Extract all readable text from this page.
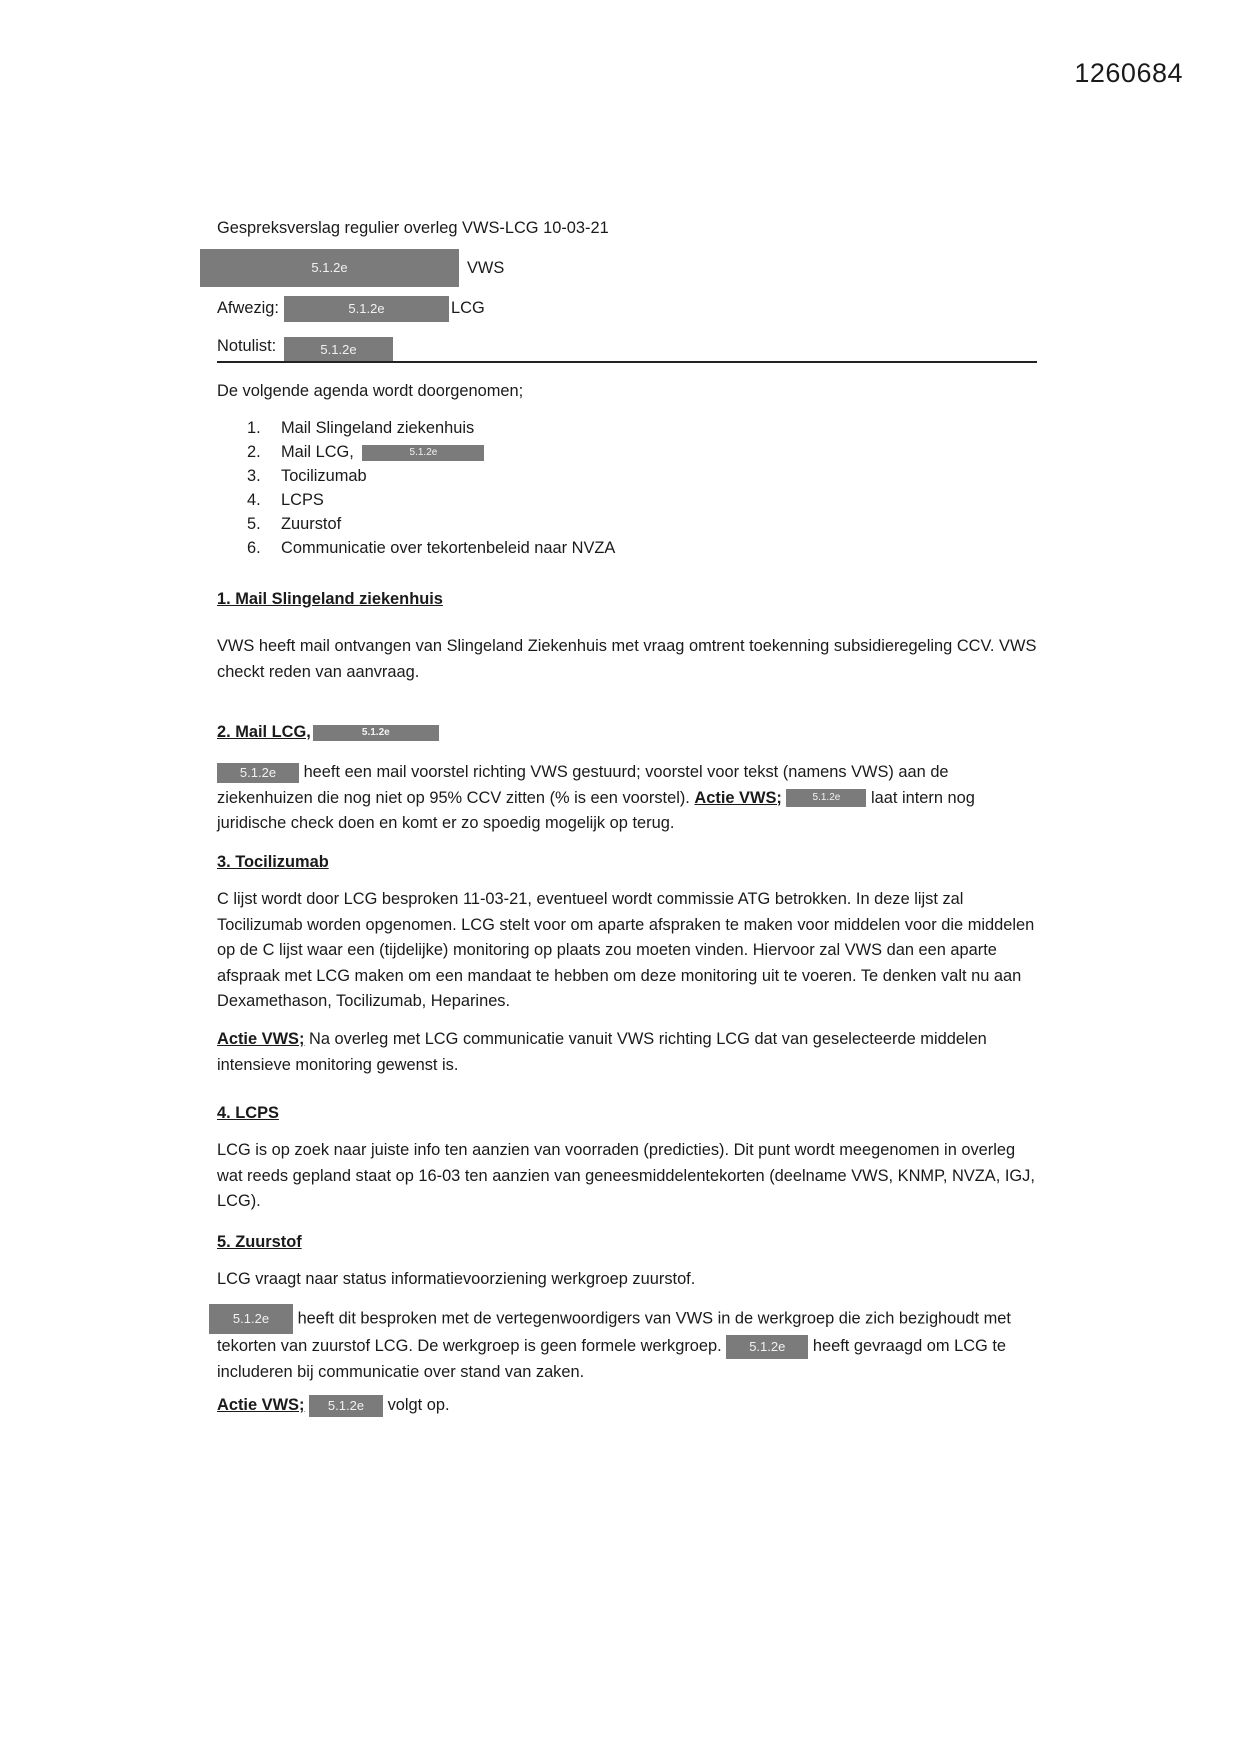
1260684
Gespreksverslag regulier overleg VWS-LCG 10-03-21
5.1.2e	VWS
Afwezig:	5.1.2e	LCG
Notulist:	5.1.2e
De volgende agenda wordt doorgenomen;
1. Mail Slingeland ziekenhuis
2. Mail LCG,	5.1.2e
3. Tocilizumab
4. LCPS
5. Zuurstof
6. Communicatie over tekortenbeleid naar NVZA
1. Mail Slingeland ziekenhuis
VWS heeft mail ontvangen van Slingeland Ziekenhuis met vraag omtrent toekenning subsidieregeling CCV. VWS checkt reden van aanvraag.
2. Mail LCG,	5.1.2e
5.1.2e heeft een mail voorstel richting VWS gestuurd; voorstel voor tekst (namens VWS) aan de ziekenhuizen die nog niet op 95% CCV zitten (% is een voorstel). Actie VWS;	5.1.2e laat intern nog juridische check doen en komt er zo spoedig mogelijk op terug.
3. Tocilizumab
C lijst wordt door LCG besproken 11-03-21, eventueel wordt commissie ATG betrokken. In deze lijst zal Tocilizumab worden opgenomen. LCG stelt voor om aparte afspraken te maken voor middelen voor die middelen op de C lijst waar een (tijdelijke) monitoring op plaats zou moeten vinden. Hiervoor zal VWS dan een aparte afspraak met LCG maken om een mandaat te hebben om deze monitoring uit te voeren. Te denken valt nu aan Dexamethason, Tocilizumab, Heparines.
Actie VWS; Na overleg met LCG communicatie vanuit VWS richting LCG dat van geselecteerde middelen intensieve monitoring gewenst is.
4. LCPS
LCG is op zoek naar juiste info ten aanzien van voorraden (predicties). Dit punt wordt meegenomen in overleg wat reeds gepland staat op 16-03 ten aanzien van geneesmiddelentekorten (deelname VWS, KNMP, NVZA, IGJ, LCG).
5. Zuurstof
LCG vraagt naar status informatievoorziening werkgroep zuurstof.
5.1.2e heeft dit besproken met de vertegenwoordigers van VWS in de werkgroep die zich bezighoudt met tekorten van zuurstof LCG. De werkgroep is geen formele werkgroep. 5.1.2e heeft gevraagd om LCG te includeren bij communicatie over stand van zaken.
Actie VWS; 5.1.2e volgt op.
